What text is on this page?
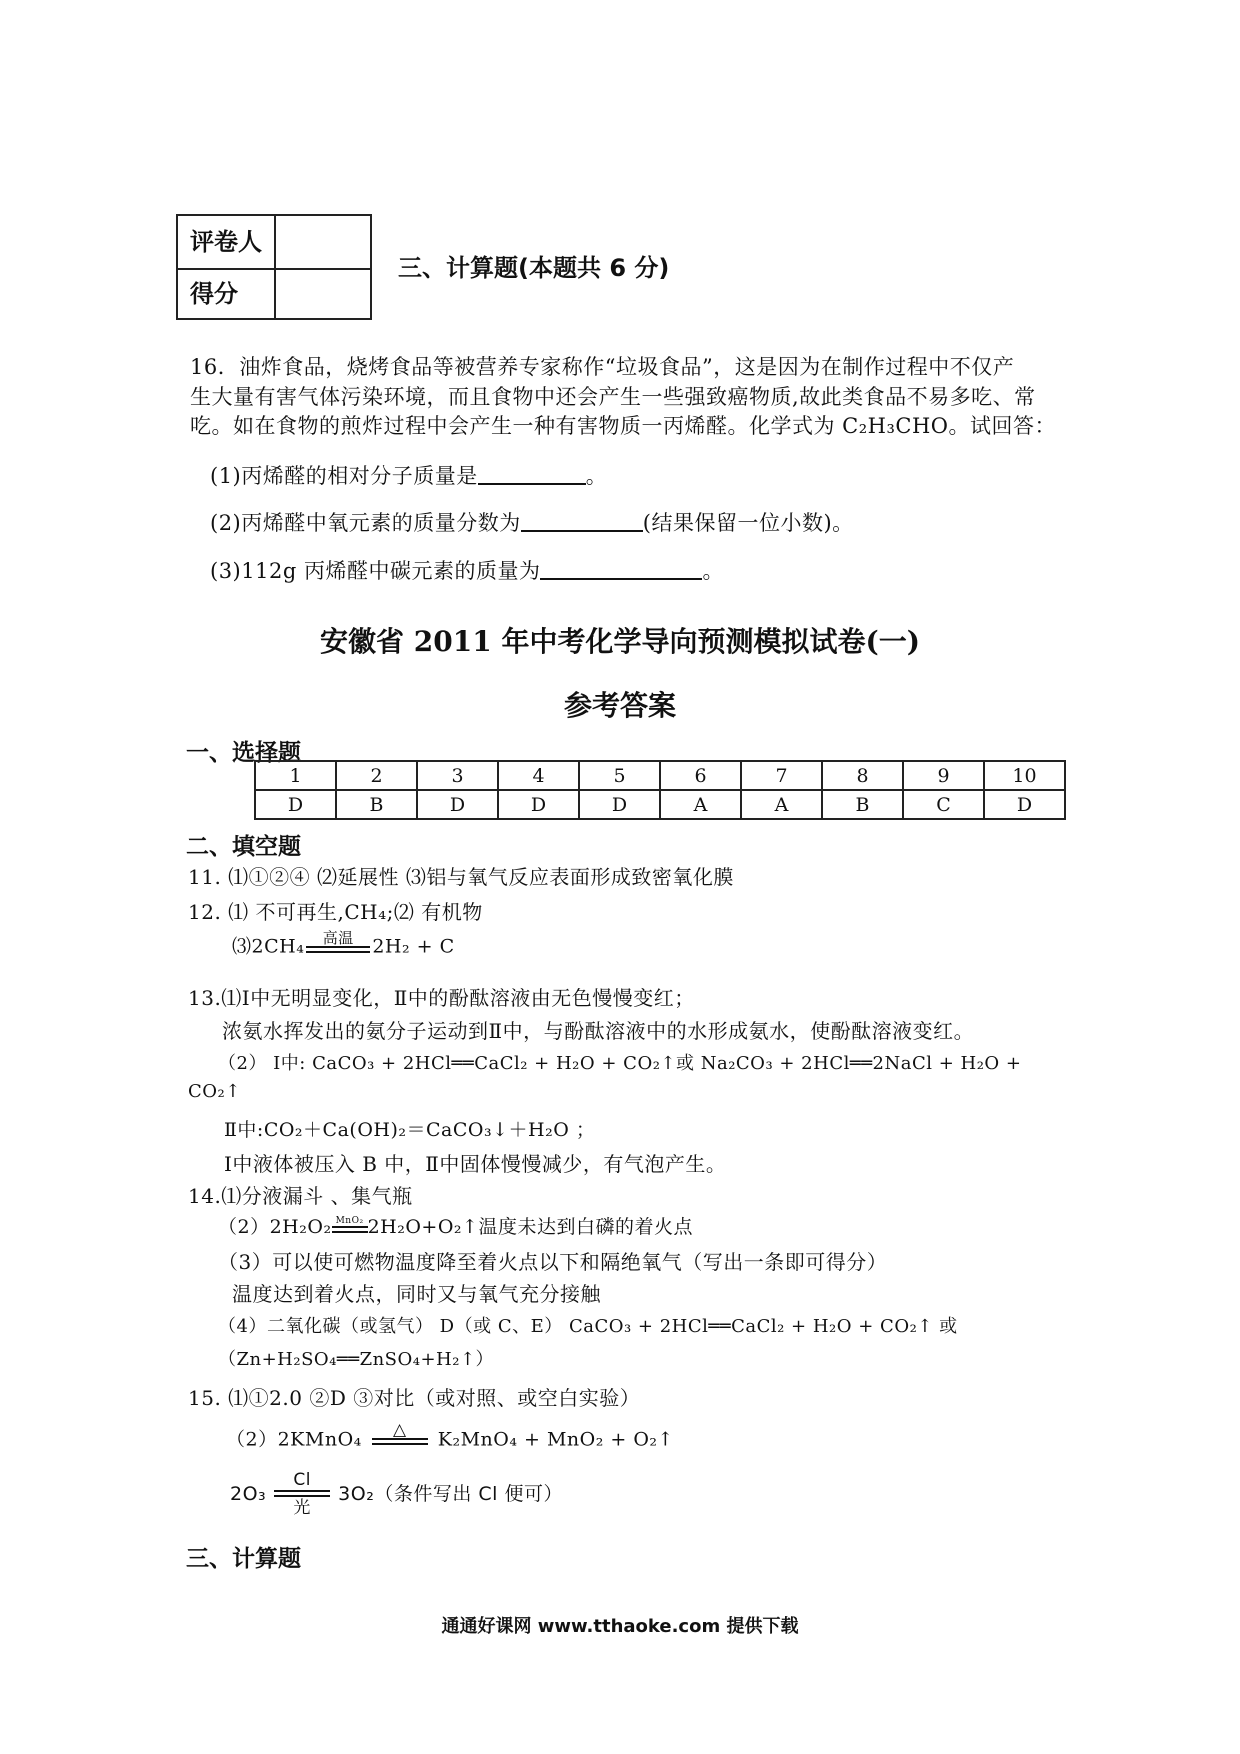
评卷人
得分
三、计算题(本题共 6 分)
16．油炸食品，烧烤食品等被营养专家称作“垃圾食品”，这是因为在制作过程中不仅产
生大量有害气体污染环境，而且食物中还会产生一些强致癌物质,故此类食品不易多吃、常
吃。如在食物的煎炸过程中会产生一种有害物质一丙烯醛。化学式为 C₂H₃CHO。试回答：
(1)丙烯醛的相对分子质量是	。
(2)丙烯醛中氧元素的质量分数为	(结果保留一位小数)。
(3)112g 丙烯醛中碳元素的质量为	。
安徽省 2011 年中考化学导向预测模拟试卷(一)
参考答案
一、选择题
1	2	3	4	5	6	7	8	9	10
D	B	D	D	D	A	A	B	C	D
二、填空题
11. ⑴①②④ ⑵延展性 ⑶铝与氧气反应表面形成致密氧化膜
12. ⑴ 不可再生,CH₄;⑵ 有机物
⑶2CH₄	高温 2H₂ + C
13.⑴Ⅰ中无明显变化，Ⅱ中的酚酞溶液由无色慢慢变红；
浓氨水挥发出的氨分子运动到Ⅱ中，与酚酞溶液中的水形成氨水，使酚酞溶液变红。
（2） Ⅰ中: CaCO₃ + 2HCl══CaCl₂ + H₂O + CO₂↑或 Na₂CO₃ + 2HCl══2NaCl + H₂O +
CO₂↑
Ⅱ中:CO₂＋Ca(OH)₂＝CaCO₃↓＋H₂O ；
Ⅰ中液体被压入 B 中，Ⅱ中固体慢慢减少，有气泡产生。
14.⑴分液漏斗 、集气瓶
（2）2H₂O₂ MnO₂ 2H₂O+O₂↑温度未达到白磷的着火点
（3）可以使可燃物温度降至着火点以下和隔绝氧气（写出一条即可得分）
温度达到着火点，同时又与氧气充分接触
（4）二氧化碳（或氢气） D（或 C、E） CaCO₃ + 2HCl══CaCl₂ + H₂O + CO₂↑ 或
（Zn+H₂SO₄══ZnSO₄+H₂↑）
15. ⑴①2.0 ②D ③对比（或对照、或空白实验）
（2）2KMnO₄	△	K₂MnO₄ + MnO₂ + O₂↑
2O₃
Cl
光
3O₂（条件写出 Cl 便可）
三、计算题
通通好课网 www.tthaoke.com 提供下载
